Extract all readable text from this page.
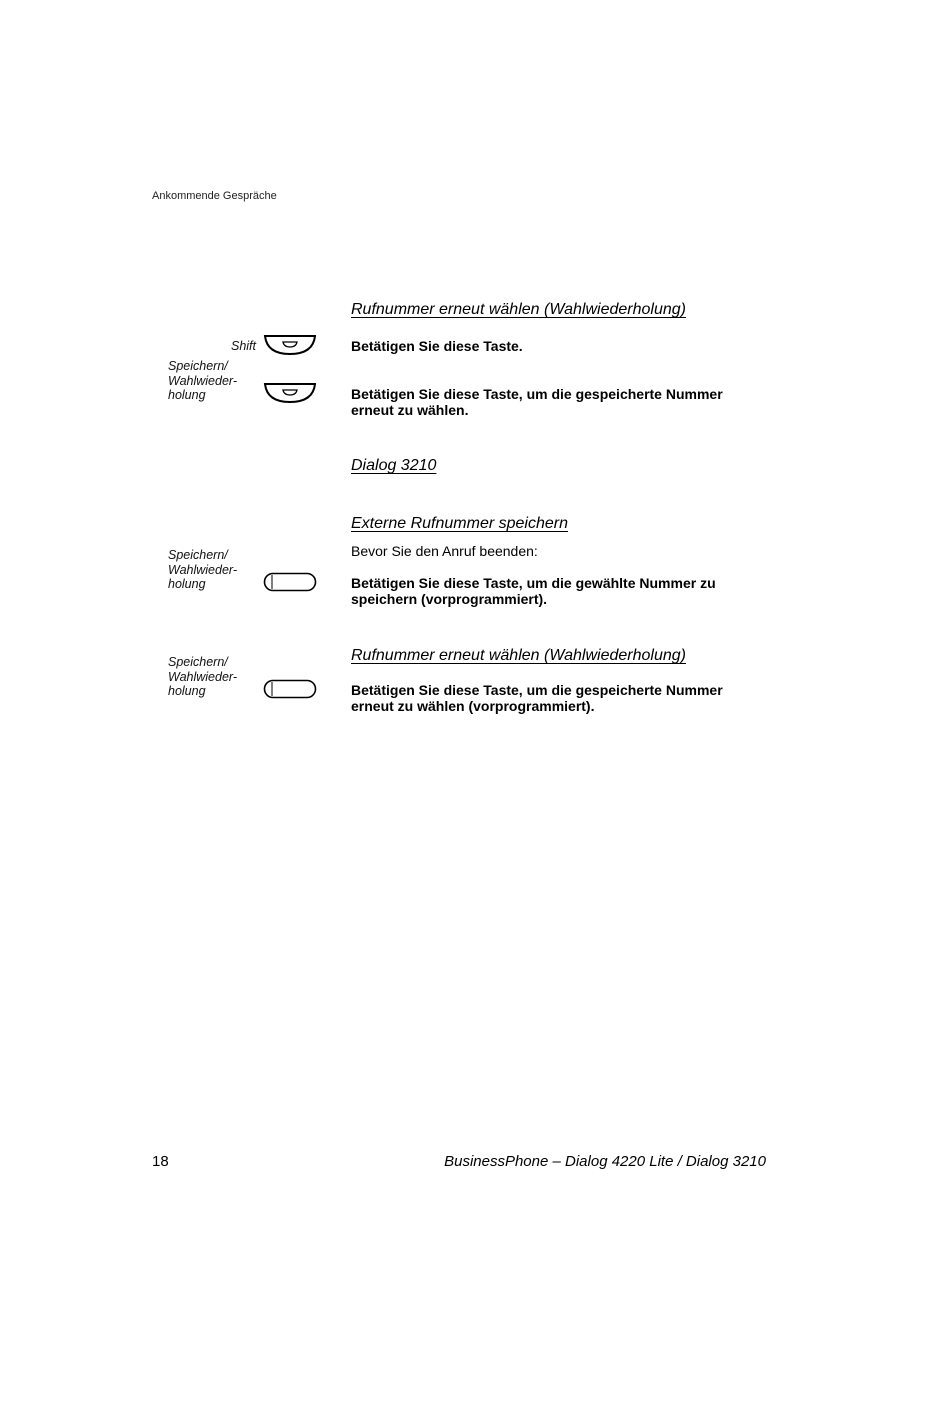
Ankommende Gespräche
Rufnummer erneut wählen (Wahlwiederholung)
Shift	Betätigen Sie diese Taste.
Speichern/
Wahlwieder-
holung	Betätigen Sie diese Taste, um die gespeicherte Nummer
erneut zu wählen.
Dialog 3210
Externe Rufnummer speichern
Bevor Sie den Anruf beenden:
Speichern/
Wahlwieder-
holung	Betätigen Sie diese Taste, um die gewählte Nummer zu
speichern (vorprogrammiert).
Rufnummer erneut wählen (Wahlwiederholung)
Speichern/
Wahlwieder-
holung	Betätigen Sie diese Taste, um die gespeicherte Nummer
erneut zu wählen (vorprogrammiert).
18	BusinessPhone – Dialog 4220 Lite / Dialog 3210
